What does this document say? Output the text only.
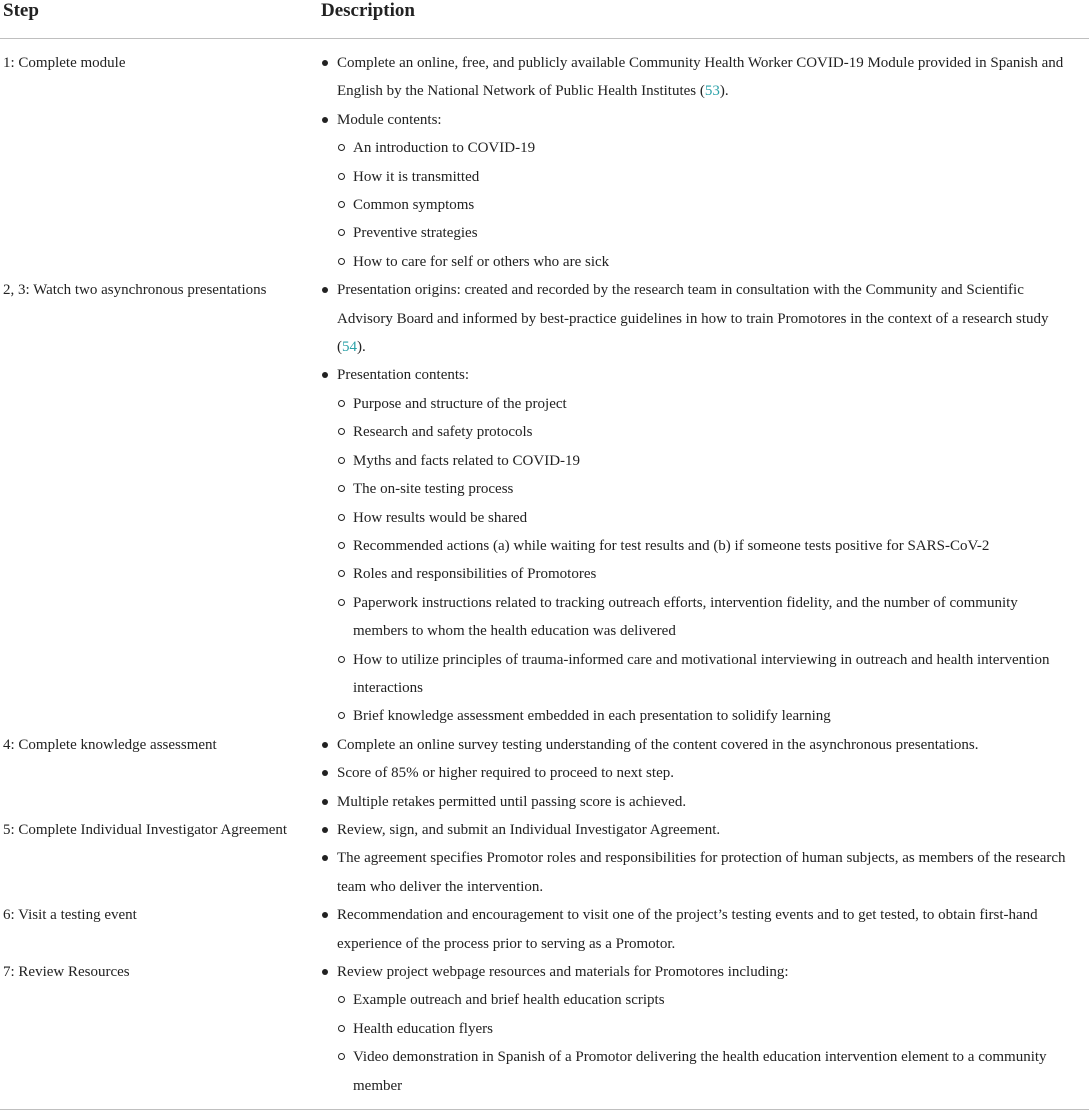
Step	Description
1: Complete module	Complete an online, free, and publicly available Community Health Worker COVID-19 Module provided in Spanish and English by the National Network of Public Health Institutes (53).
Module contents:
An introduction to COVID-19
How it is transmitted
Common symptoms
Preventive strategies
How to care for self or others who are sick
2, 3: Watch two asynchronous presentations	Presentation origins: created and recorded by the research team in consultation with the Community and Scientific Advisory Board and informed by best-practice guidelines in how to train Promotores in the context of a research study (54).
Presentation contents:
Purpose and structure of the project
Research and safety protocols
Myths and facts related to COVID-19
The on-site testing process
How results would be shared
Recommended actions (a) while waiting for test results and (b) if someone tests positive for SARS-CoV-2
Roles and responsibilities of Promotores
Paperwork instructions related to tracking outreach efforts, intervention fidelity, and the number of community members to whom the health education was delivered
How to utilize principles of trauma-informed care and motivational interviewing in outreach and health intervention interactions
Brief knowledge assessment embedded in each presentation to solidify learning
4: Complete knowledge assessment	Complete an online survey testing understanding of the content covered in the asynchronous presentations.
Score of 85% or higher required to proceed to next step.
Multiple retakes permitted until passing score is achieved.
5: Complete Individual Investigator Agreement	Review, sign, and submit an Individual Investigator Agreement.
The agreement specifies Promotor roles and responsibilities for protection of human subjects, as members of the research team who deliver the intervention.
6: Visit a testing event	Recommendation and encouragement to visit one of the project’s testing events and to get tested, to obtain first-hand experience of the process prior to serving as a Promotor.
7: Review Resources	Review project webpage resources and materials for Promotores including:
Example outreach and brief health education scripts
Health education flyers
Video demonstration in Spanish of a Promotor delivering the health education intervention element to a community member
